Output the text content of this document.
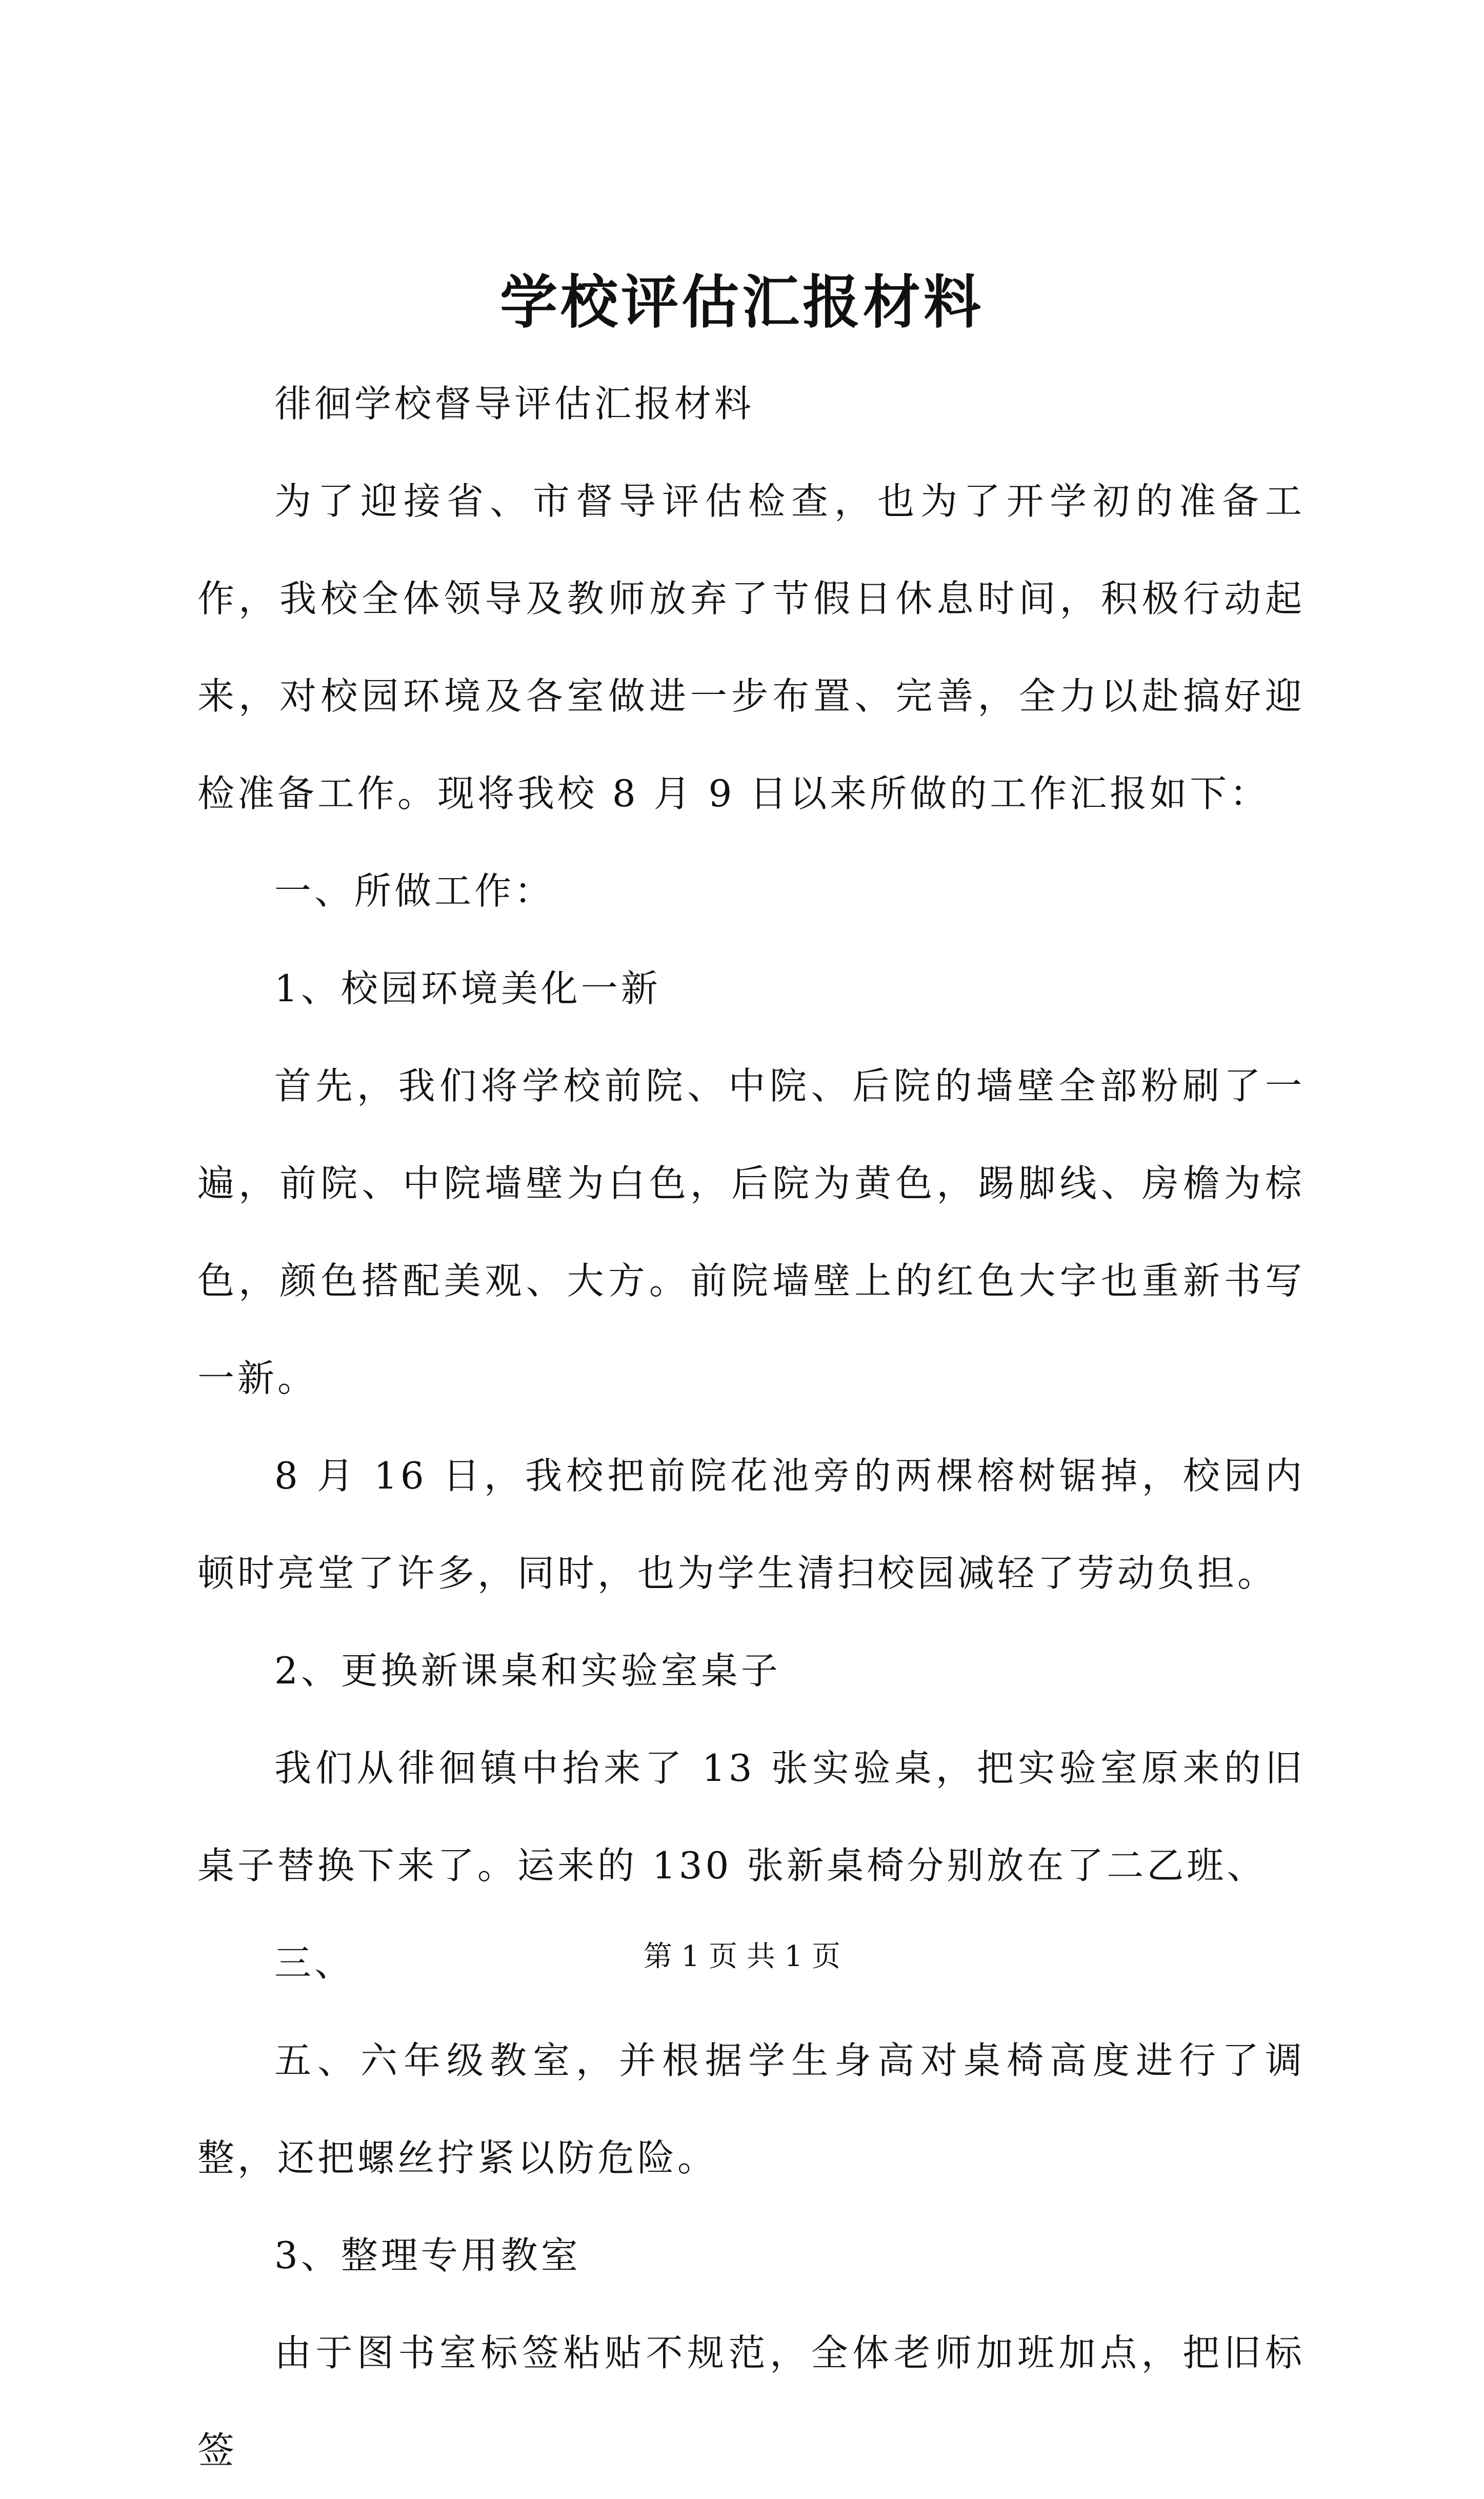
学校评估汇报材料

徘徊学校督导评估汇报材料

为了迎接省、市督导评估检查，也为了开学初的准备工作，我校全体领导及教师放弃了节假日休息时间，积极行动起来，对校园环境及各室做进一步布置、完善，全力以赴搞好迎检准备工作。现将我校 8 月 9 日以来所做的工作汇报如下：

一、所做工作：

1、校园环境美化一新

首先，我们将学校前院、中院、后院的墙壁全部粉刷了一遍，前院、中院墙壁为白色，后院为黄色，踢脚线、房檐为棕色，颜色搭配美观、大方。前院墙壁上的红色大字也重新书写一新。

8 月 16 日，我校把前院花池旁的两棵榕树锯掉，校园内顿时亮堂了许多，同时，也为学生清扫校园减轻了劳动负担。

2、更换新课桌和实验室桌子

我们从徘徊镇中抬来了 13 张实验桌，把实验室原来的旧桌子替换下来了。运来的 130 张新桌椅分别放在了二乙班、

三、

五、六年级教室，并根据学生身高对桌椅高度进行了调整，还把螺丝拧紧以防危险。

3、整理专用教室

由于图书室标签粘贴不规范，全体老师加班加点，把旧标签

第 1 页 共 1 页
